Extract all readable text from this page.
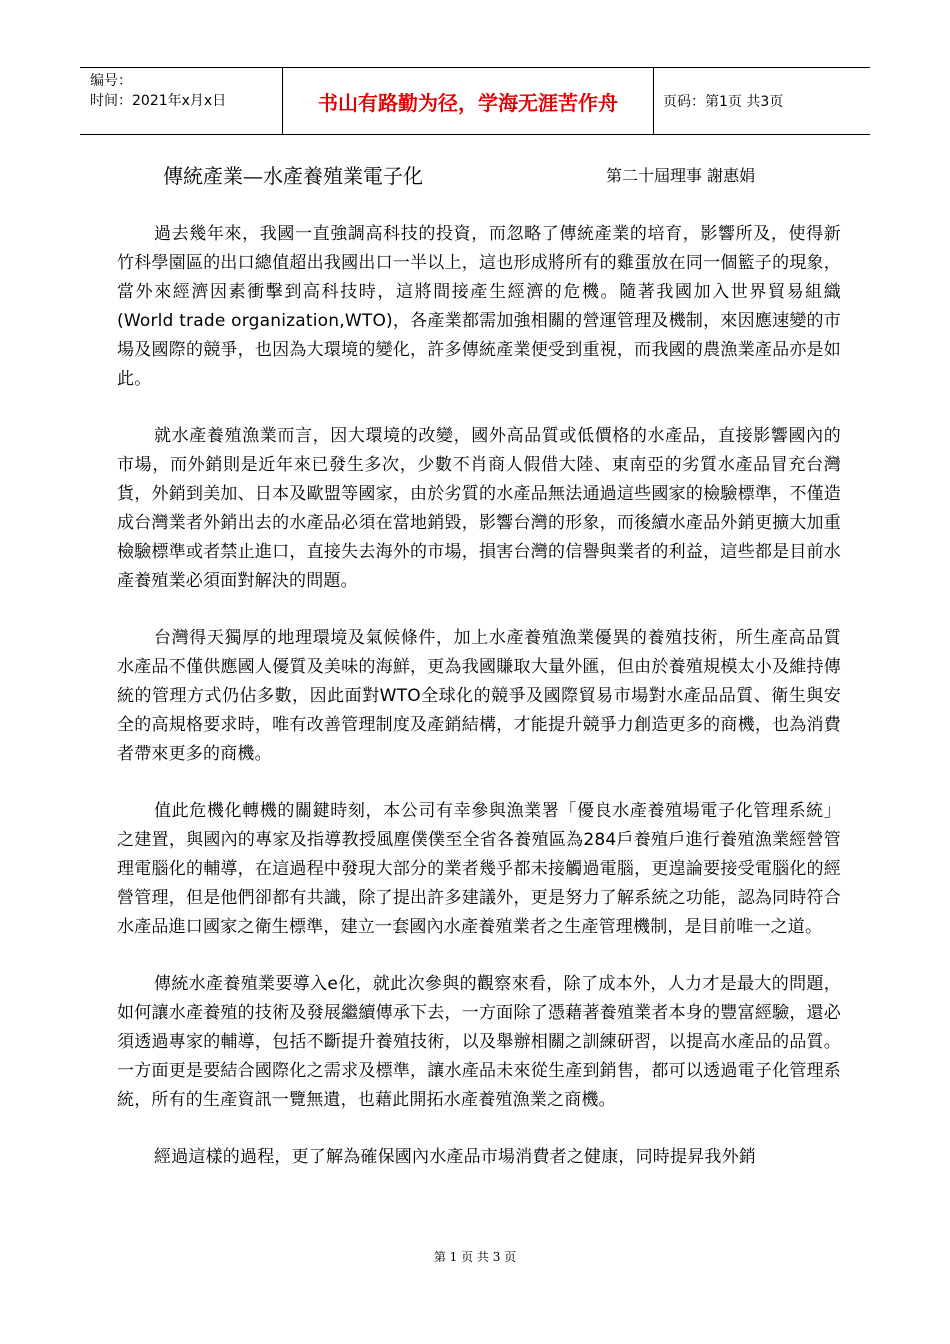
编号：
时间：2021年x月x日	书山有路勤为径，学海无涯苦作舟	页码：第1页 共3页
傳統產業—水產養殖業電子化	第二十屆理事 謝惠娟

過去幾年來，我國一直強調高科技的投資，而忽略了傳統產業的培育，影響所及，使得新竹科學園區的出口總值超出我國出口一半以上，這也形成將所有的雞蛋放在同一個籃子的現象，當外來經濟因素衝擊到高科技時，這將間接產生經濟的危機。隨著我國加入世界貿易組織(World trade organization,WTO)，各產業都需加強相關的營運管理及機制，來因應速變的市場及國際的競爭，也因為大環境的變化，許多傳統產業便受到重視，而我國的農漁業產品亦是如此。

就水產養殖漁業而言，因大環境的改變，國外高品質或低價格的水產品，直接影響國內的市場，而外銷則是近年來已發生多次，少數不肖商人假借大陸、東南亞的劣質水產品冒充台灣貨，外銷到美加、日本及歐盟等國家，由於劣質的水產品無法通過這些國家的檢驗標準，不僅造成台灣業者外銷出去的水產品必須在當地銷毀，影響台灣的形象，而後續水產品外銷更擴大加重檢驗標準或者禁止進口，直接失去海外的市場，損害台灣的信譽與業者的利益，這些都是目前水產養殖業必須面對解決的問題。

台灣得天獨厚的地理環境及氣候條件，加上水產養殖漁業優異的養殖技術，所生產高品質水產品不僅供應國人優質及美味的海鮮，更為我國賺取大量外匯，但由於養殖規模太小及維持傳統的管理方式仍佔多數，因此面對WTO全球化的競爭及國際貿易市場對水產品品質、衛生與安全的高規格要求時，唯有改善管理制度及產銷結構，才能提升競爭力創造更多的商機，也為消費者帶來更多的商機。

值此危機化轉機的關鍵時刻，本公司有幸參與漁業署「優良水產養殖場電子化管理系統」之建置，與國內的專家及指導教授風塵僕僕至全省各養殖區為284戶養殖戶進行養殖漁業經營管理電腦化的輔導，在這過程中發現大部分的業者幾乎都未接觸過電腦，更遑論要接受電腦化的經營管理，但是他們卻都有共識，除了提出許多建議外，更是努力了解系統之功能，認為同時符合水產品進口國家之衛生標準，建立一套國內水產養殖業者之生產管理機制，是目前唯一之道。

傳統水產養殖業要導入e化，就此次參與的觀察來看，除了成本外，人力才是最大的問題，如何讓水產養殖的技術及發展繼續傳承下去，一方面除了憑藉著養殖業者本身的豐富經驗，還必須透過專家的輔導，包括不斷提升養殖技術，以及舉辦相關之訓練研習，以提高水產品的品質。一方面更是要結合國際化之需求及標準，讓水產品未來從生產到銷售，都可以透過電子化管理系統，所有的生產資訊一覽無遺，也藉此開拓水產養殖漁業之商機。

經過這樣的過程，更了解為確保國內水產品市場消費者之健康，同時提昇我外銷

第 1 页 共 3 页
